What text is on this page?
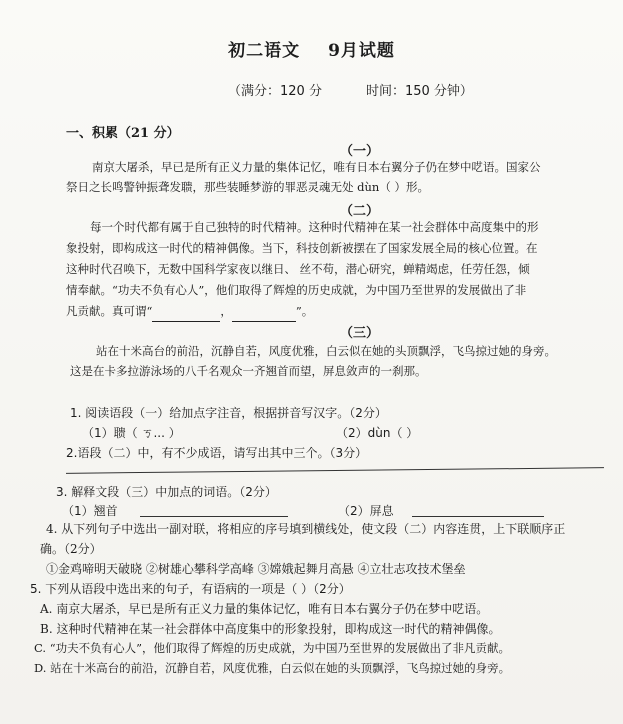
初二语文 9月试题
（满分：120 分	时间：150 分钟）
一、积累（21 分）
（一）
南京大屠杀，早已是所有正义力量的集体记忆，唯有日本右翼分子仍在梦中呓语。国家公
祭日之长鸣警钟振聋发聩，那些装睡梦游的罪恶灵魂无处 dùn（ ）形。
（二）
每一个时代都有属于自己独特的时代精神。这种时代精神在某一社会群体中高度集中的形
象投射，即构成这一时代的精神偶像。当下，科技创新被摆在了国家发展全局的核心位置。在
这种时代召唤下，无数中国科学家夜以继日、 丝不苟，潜心研究，蝉精竭虑，任劳任怨，倾
情奉献。“功夫不负有心人”，他们取得了辉煌的历史成就，为中国乃至世界的发展做出了非
凡贡献。真可谓“	，	”。
（三）
站在十米高台的前沿，沉静自若，风度优雅，白云似在她的头顶飘浮，飞鸟掠过她的身旁。
这是在卡多拉游泳场的八千名观众一齐翘首而望，屏息敛声的一刹那。
1. 阅读语段（一）给加点字注音，根据拼音写汉字。（2分）
（1）聩（ ㄎ... ）	（2）dùn（ ）
2.语段（二）中，有不少成语，请写出其中三个。（3分）
3. 解释文段（三）中加点的词语。（2分）
（1）翘首	（2）屏息
4. 从下列句子中选出一副对联，将相应的序号填到横线处，使文段（二）内容连贯，上下联顺序正
确。（2分）
①金鸡啼明天破晓 ②树雄心攀科学高峰 ③嫦娥起舞月高悬 ④立壮志攻技术堡垒
5. 下列从语段中选出来的句子，有语病的一项是（ ）（2分）
A. 南京大屠杀，早已是所有正义力量的集体记忆，唯有日本右翼分子仍在梦中呓语。
B. 这种时代精神在某一社会群体中高度集中的形象投射，即构成这一时代的精神偶像。
C. “功夫不负有心人”，他们取得了辉煌的历史成就，为中国乃至世界的发展做出了非凡贡献。
D. 站在十米高台的前沿，沉静自若，风度优雅，白云似在她的头顶飘浮，飞鸟掠过她的身旁。
